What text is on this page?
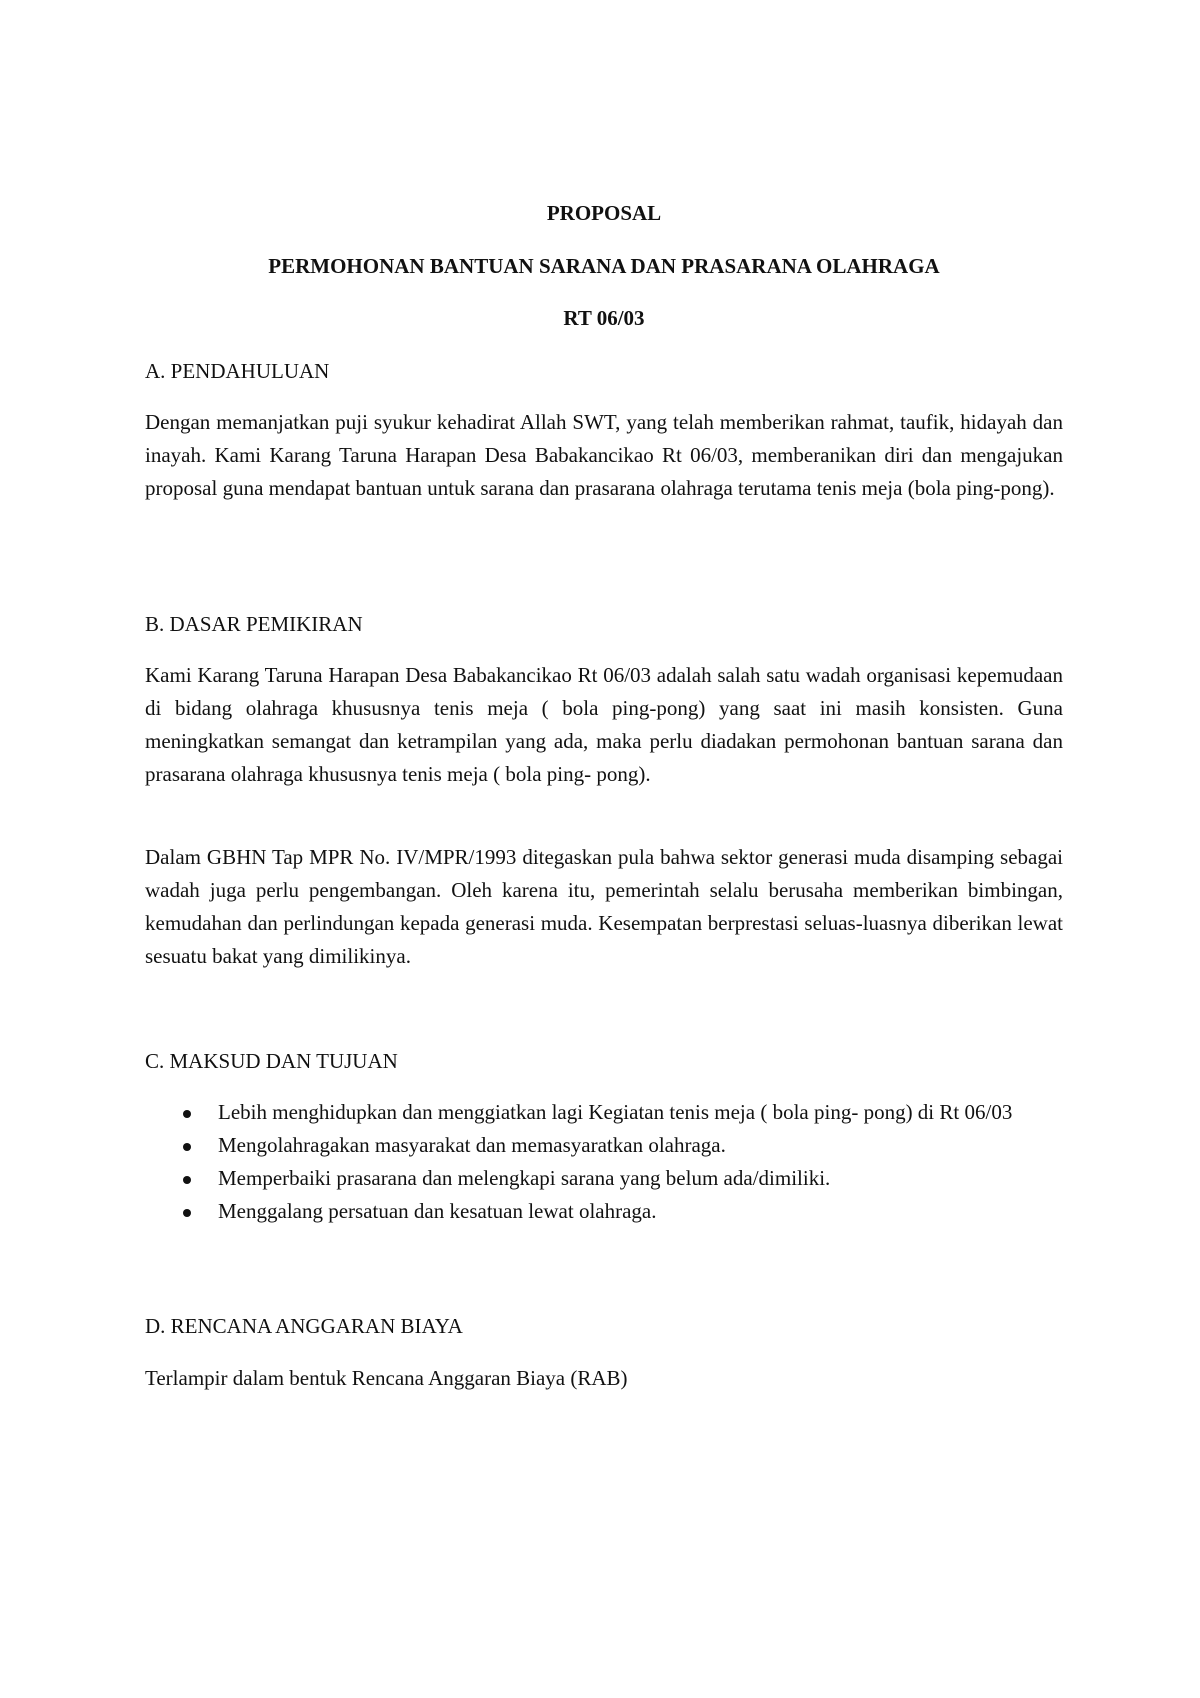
PROPOSAL

PERMOHONAN BANTUAN SARANA DAN PRASARANA OLAHRAGA

RT 06/03

A. PENDAHULUAN

Dengan memanjatkan puji syukur kehadirat Allah SWT, yang telah memberikan rahmat, taufik, hidayah dan inayah. Kami Karang Taruna Harapan Desa Babakancikao Rt 06/03, memberanikan diri dan mengajukan proposal guna mendapat bantuan untuk sarana dan prasarana olahraga terutama tenis meja (bola ping-pong).

B. DASAR PEMIKIRAN

Kami Karang Taruna Harapan Desa Babakancikao Rt 06/03 adalah salah satu wadah organisasi kepemudaan di bidang olahraga khususnya tenis meja ( bola ping-pong) yang saat ini masih konsisten. Guna meningkatkan semangat dan ketrampilan yang ada, maka perlu diadakan permohonan bantuan sarana dan prasarana olahraga khususnya tenis meja ( bola ping- pong).

Dalam GBHN Tap MPR No. IV/MPR/1993 ditegaskan pula bahwa sektor generasi muda disamping sebagai wadah juga perlu pengembangan. Oleh karena itu, pemerintah selalu berusaha memberikan bimbingan, kemudahan dan perlindungan kepada generasi muda. Kesempatan berprestasi seluas-luasnya diberikan lewat sesuatu bakat yang dimilikinya.

C. MAKSUD DAN TUJUAN
Lebih menghidupkan dan menggiatkan lagi Kegiatan tenis meja ( bola ping- pong) di Rt 06/03
Mengolahragakan masyarakat dan memasyaratkan olahraga.
Memperbaiki prasarana dan melengkapi sarana yang belum ada/dimiliki.
Menggalang persatuan dan kesatuan lewat olahraga.
D. RENCANA ANGGARAN BIAYA

Terlampir dalam bentuk Rencana Anggaran Biaya (RAB)
